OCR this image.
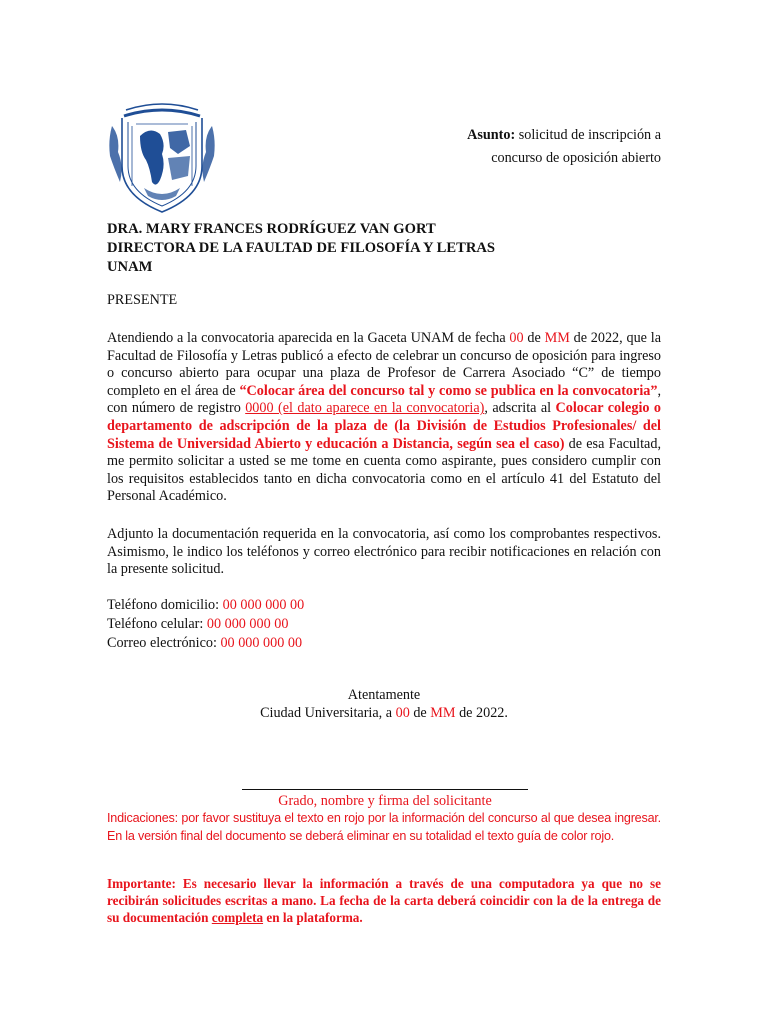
Asunto: solicitud de inscripción a
concurso de oposición abierto
DRA. MARY FRANCES RODRÍGUEZ VAN GORT
DIRECTORA DE LA FAULTAD DE FILOSOFÍA Y LETRAS
UNAM
PRESENTE
Atendiendo a la convocatoria aparecida en la Gaceta UNAM de fecha 00 de MM de 2022, que la Facultad de Filosofía y Letras publicó a efecto de celebrar un concurso de oposición para ingreso o concurso abierto para ocupar una plaza de Profesor de Carrera Asociado “C” de tiempo completo en el área de “Colocar área del concurso tal y como se publica en la convocatoria”, con número de registro 0000 (el dato aparece en la convocatoria), adscrita al Colocar colegio o departamento de adscripción de la plaza de (la División de Estudios Profesionales/ del Sistema de Universidad Abierto y educación a Distancia, según sea el caso) de esa Facultad, me permito solicitar a usted se me tome en cuenta como aspirante, pues considero cumplir con los requisitos establecidos tanto en dicha convocatoria como en el artículo 41 del Estatuto del Personal Académico.
Adjunto la documentación requerida en la convocatoria, así como los comprobantes respectivos. Asimismo, le indico los teléfonos y correo electrónico para recibir notificaciones en relación con la presente solicitud.
Teléfono domicilio: 00 000 000 00
Teléfono celular: 00 000 000 00
Correo electrónico: 00 000 000 00
Atentamente
Ciudad Universitaria, a 00 de MM de 2022.
Grado, nombre y firma del solicitante
Indicaciones: por favor sustituya el texto en rojo por la información del concurso al que desea ingresar. En la versión final del documento se deberá eliminar en su totalidad el texto guía de color rojo.
Importante: Es necesario llevar la información a través de una computadora ya que no se recibirán solicitudes escritas a mano. La fecha de la carta deberá coincidir con la de la entrega de su documentación completa en la plataforma.
